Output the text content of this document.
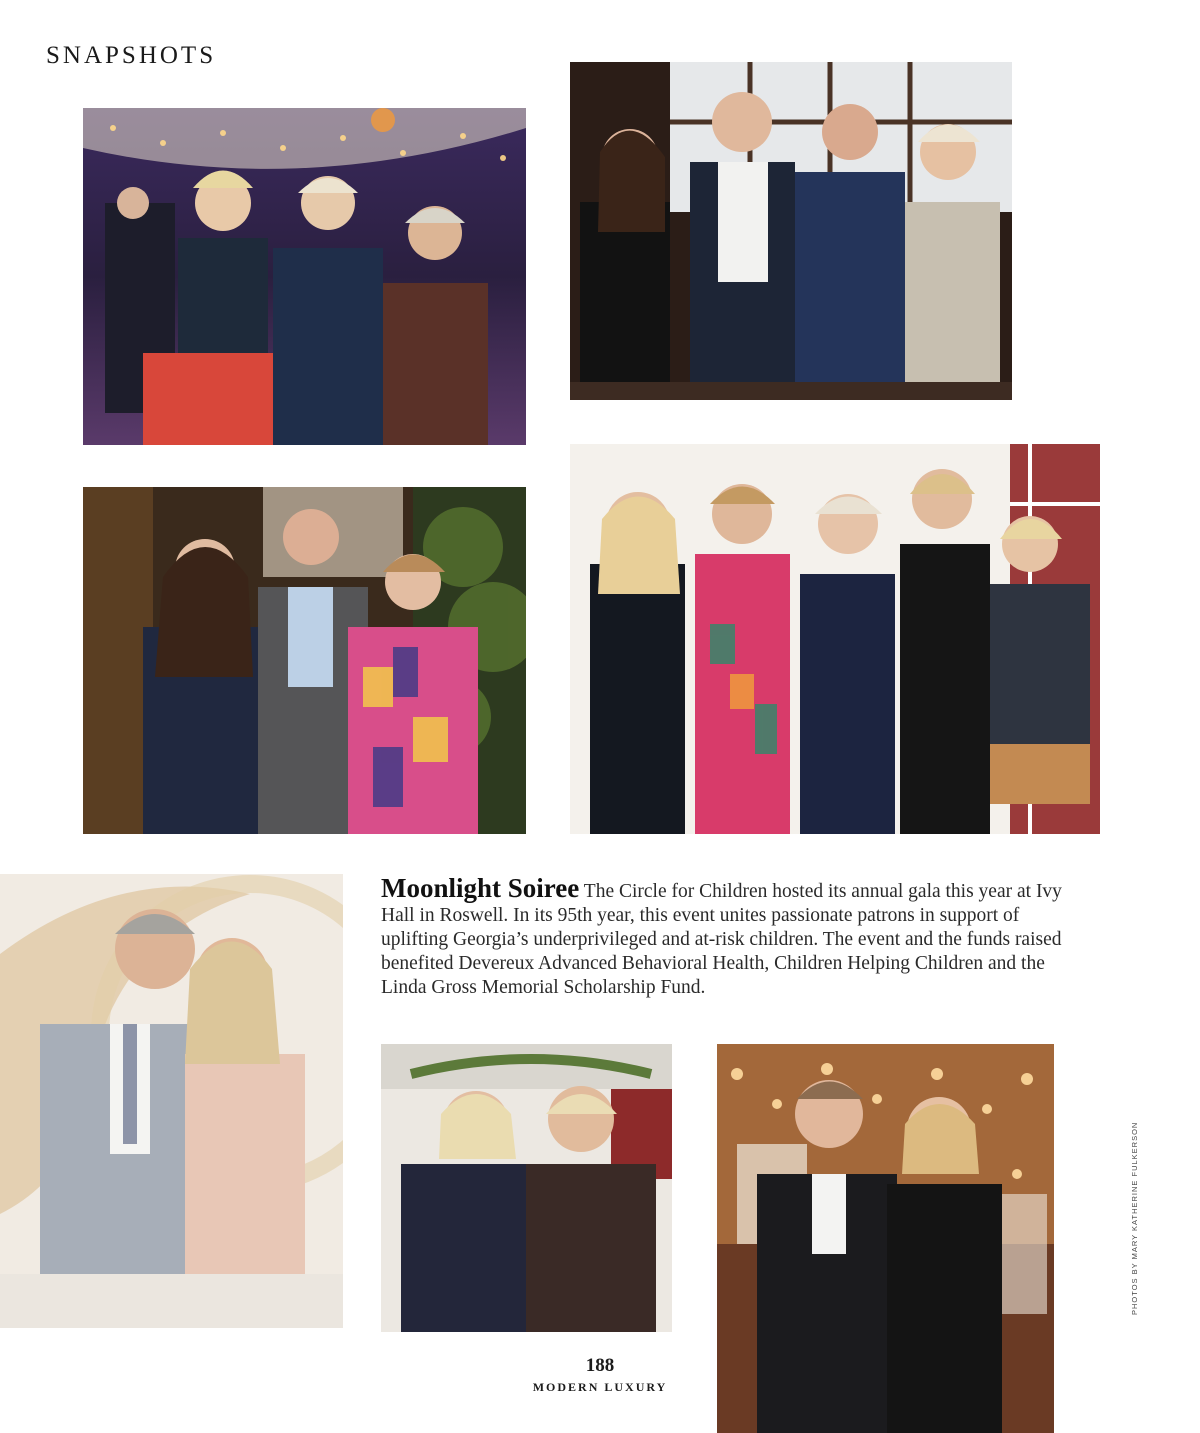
SNAPSHOTS
Moonlight Soiree The Circle for Children hosted its annual gala this year at Ivy Hall in Roswell. In its 95th year, this event unites passionate patrons in support of uplifting Georgia’s underprivileged and at-risk children. The event and the funds raised benefited Devereux Advanced Behavioral Health, Children Helping Children and the Linda Gross Memorial Scholarship Fund.
188
MODERN LUXURY
PHOTOS BY MARY KATHERINE FULKERSON
